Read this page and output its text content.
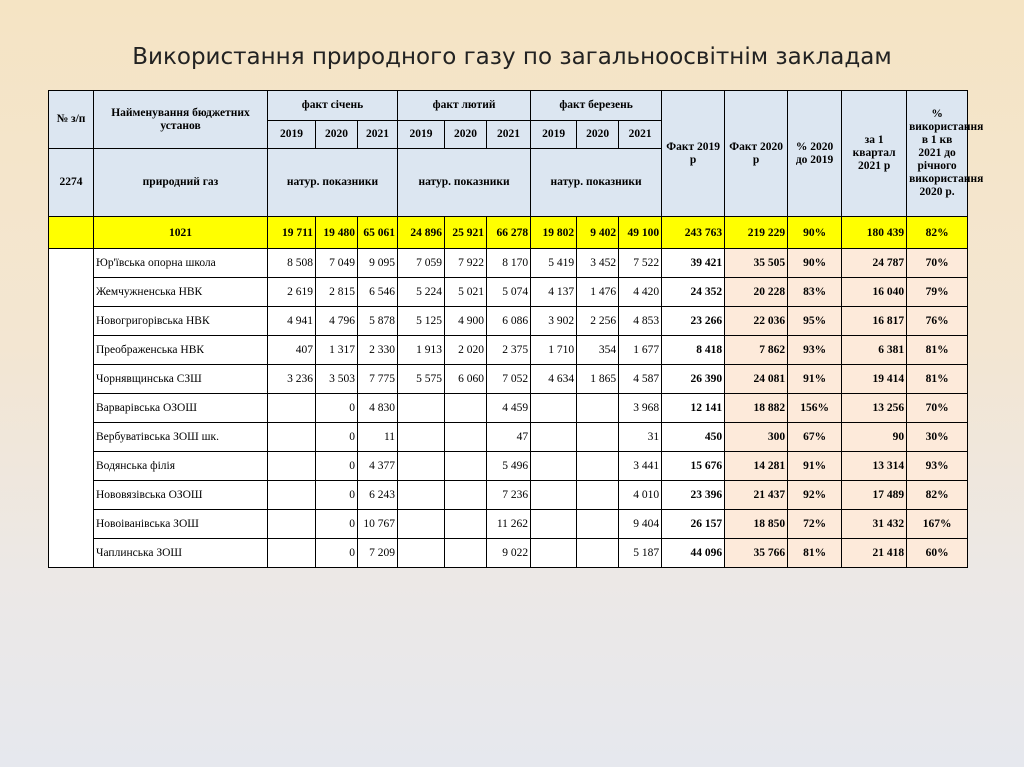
Використання природного газу по загальноосвітнім закладам
№ з/п	Найменування бюджетних установ	факт січень			факт лютий			факт березень			Факт 2019 р	Факт 2020 р	% 2020 до 2019	за 1 квартал 2021 р	% використання в 1 кв 2021 до річного використання 2020 р.
		2019	2020	2021	2019	2020	2021	2019	2020	2021					
2274	природний газ	натур. показники			натур. показники			натур. показники							
	1021	19 711	19 480	65 061	24 896	25 921	66 278	19 802	9 402	49 100	243 763	219 229	90%	180 439	82%
	Юр'ївська опорна школа	8 508	7 049	9 095	7 059	7 922	8 170	5 419	3 452	7 522	39 421	35 505	90%	24 787	70%
	Жемчужненська НВК	2 619	2 815	6 546	5 224	5 021	5 074	4 137	1 476	4 420	24 352	20 228	83%	16 040	79%
	Новогригорівська НВК	4 941	4 796	5 878	5 125	4 900	6 086	3 902	2 256	4 853	23 266	22 036	95%	16 817	76%
	Преображенська НВК	407	1 317	2 330	1 913	2 020	2 375	1 710	354	1 677	8 418	7 862	93%	6 381	81%
	Чорнявщинська СЗШ	3 236	3 503	7 775	5 575	6 060	7 052	4 634	1 865	4 587	26 390	24 081	91%	19 414	81%
	Варварівська ОЗОШ		0	4 830			4 459			3 968	12 141	18 882	156%	13 256	70%
	Вербуватівська ЗОШ шк.		0	11			47			31	450	300	67%	90	30%
	Водянська філія		0	4 377			5 496			3 441	15 676	14 281	91%	13 314	93%
	Нововязівська ОЗОШ		0	6 243			7 236			4 010	23 396	21 437	92%	17 489	82%
	Новоіванівська ЗОШ		0	10 767			11 262			9 404	26 157	18 850	72%	31 432	167%
	Чаплинська ЗОШ		0	7 209			9 022			5 187	44 096	35 766	81%	21 418	60%
